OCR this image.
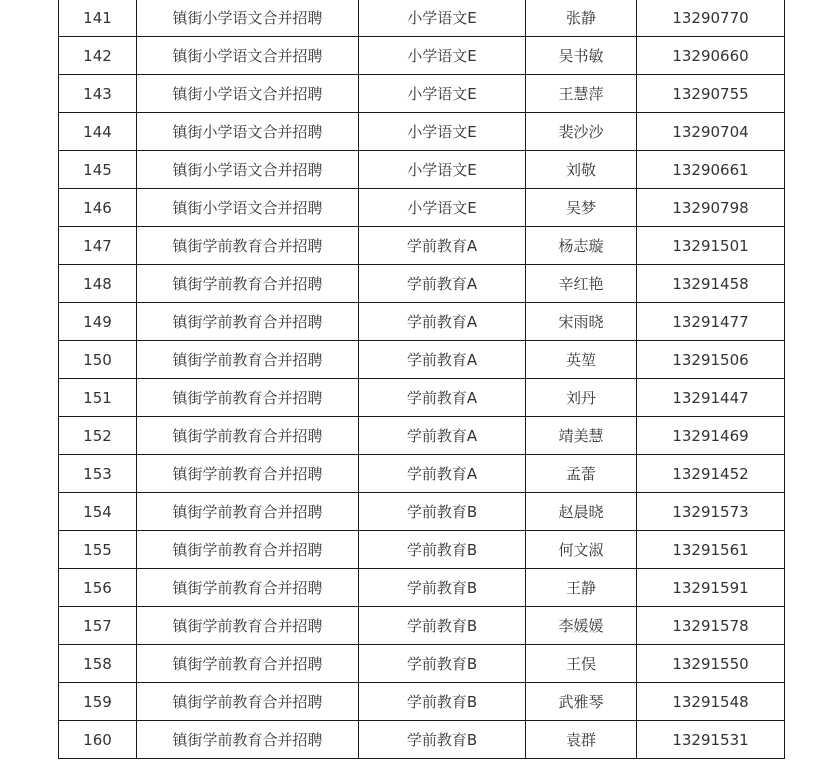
141	镇街小学语文合并招聘	小学语文E	张静	13290770
142	镇街小学语文合并招聘	小学语文E	吴书敏	13290660
143	镇街小学语文合并招聘	小学语文E	王慧萍	13290755
144	镇街小学语文合并招聘	小学语文E	裴沙沙	13290704
145	镇街小学语文合并招聘	小学语文E	刘敬	13290661
146	镇街小学语文合并招聘	小学语文E	吴梦	13290798
147	镇街学前教育合并招聘	学前教育A	杨志璇	13291501
148	镇街学前教育合并招聘	学前教育A	辛红艳	13291458
149	镇街学前教育合并招聘	学前教育A	宋雨晓	13291477
150	镇街学前教育合并招聘	学前教育A	英堃	13291506
151	镇街学前教育合并招聘	学前教育A	刘丹	13291447
152	镇街学前教育合并招聘	学前教育A	靖美慧	13291469
153	镇街学前教育合并招聘	学前教育A	孟蕾	13291452
154	镇街学前教育合并招聘	学前教育B	赵晨晓	13291573
155	镇街学前教育合并招聘	学前教育B	何文淑	13291561
156	镇街学前教育合并招聘	学前教育B	王静	13291591
157	镇街学前教育合并招聘	学前教育B	李媛媛	13291578
158	镇街学前教育合并招聘	学前教育B	王俣	13291550
159	镇街学前教育合并招聘	学前教育B	武雅琴	13291548
160	镇街学前教育合并招聘	学前教育B	袁群	13291531
